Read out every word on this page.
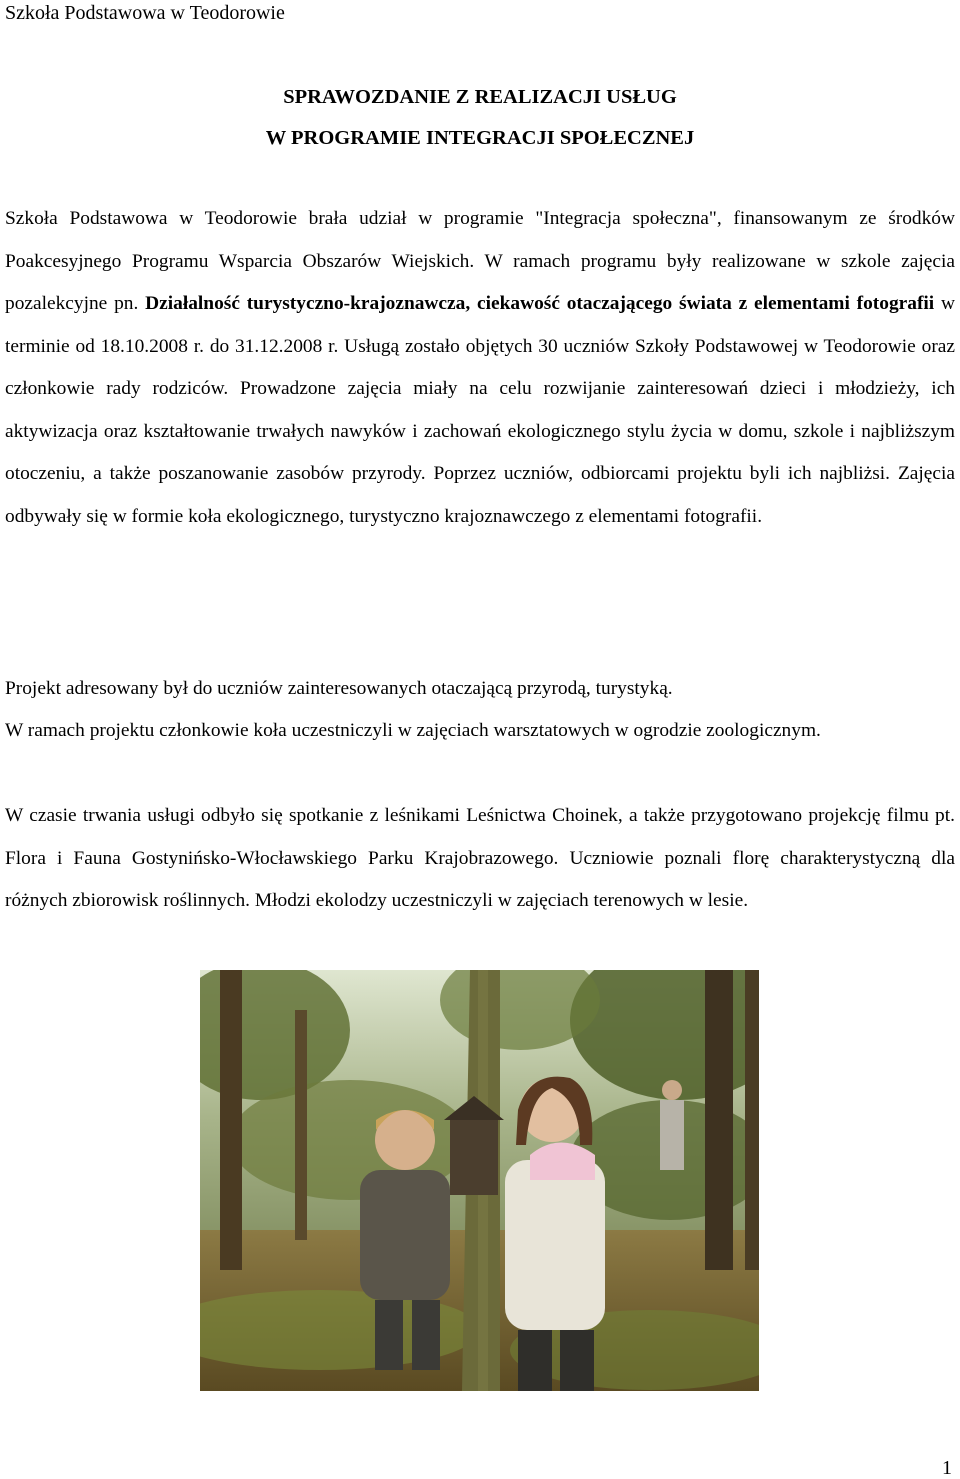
Szkoła Podstawowa w Teodorowie
SPRAWOZDANIE Z REALIZACJI USŁUG
W PROGRAMIE INTEGRACJI SPOŁECZNEJ

Szkoła Podstawowa w Teodorowie brała udział w programie "Integracja społeczna", finansowanym ze środków Poakcesyjnego Programu Wsparcia Obszarów Wiejskich. W ramach programu były realizowane w szkole zajęcia pozalekcyjne pn. Działalność turystyczno-krajoznawcza, ciekawość otaczającego świata z elementami fotografii w terminie od 18.10.2008 r. do 31.12.2008 r. Usługą zostało objętych 30 uczniów Szkoły Podstawowej w Teodorowie oraz członkowie rady rodziców. Prowadzone zajęcia miały na celu rozwijanie zainteresowań dzieci i młodzieży, ich aktywizacja oraz kształtowanie trwałych nawyków i zachowań ekologicznego stylu życia w domu, szkole i najbliższym otoczeniu, a także poszanowanie zasobów przyrody. Poprzez uczniów, odbiorcami projektu byli ich najbliżsi. Zajęcia odbywały się w formie koła ekologicznego, turystyczno krajoznawczego z elementami fotografii.

Projekt adresowany był do uczniów zainteresowanych otaczającą przyrodą, turystyką.

W ramach projektu członkowie koła uczestniczyli w zajęciach warsztatowych w ogrodzie zoologicznym.

W czasie trwania usługi odbyło się spotkanie z leśnikami Leśnictwa Choinek, a także przygotowano projekcję filmu pt. Flora i Fauna Gostynińsko-Włocławskiego Parku Krajobrazowego. Uczniowie poznali florę charakterystyczną dla różnych zbiorowisk roślinnych. Młodzi ekolodzy uczestniczyli w zajęciach terenowych w lesie.

1
